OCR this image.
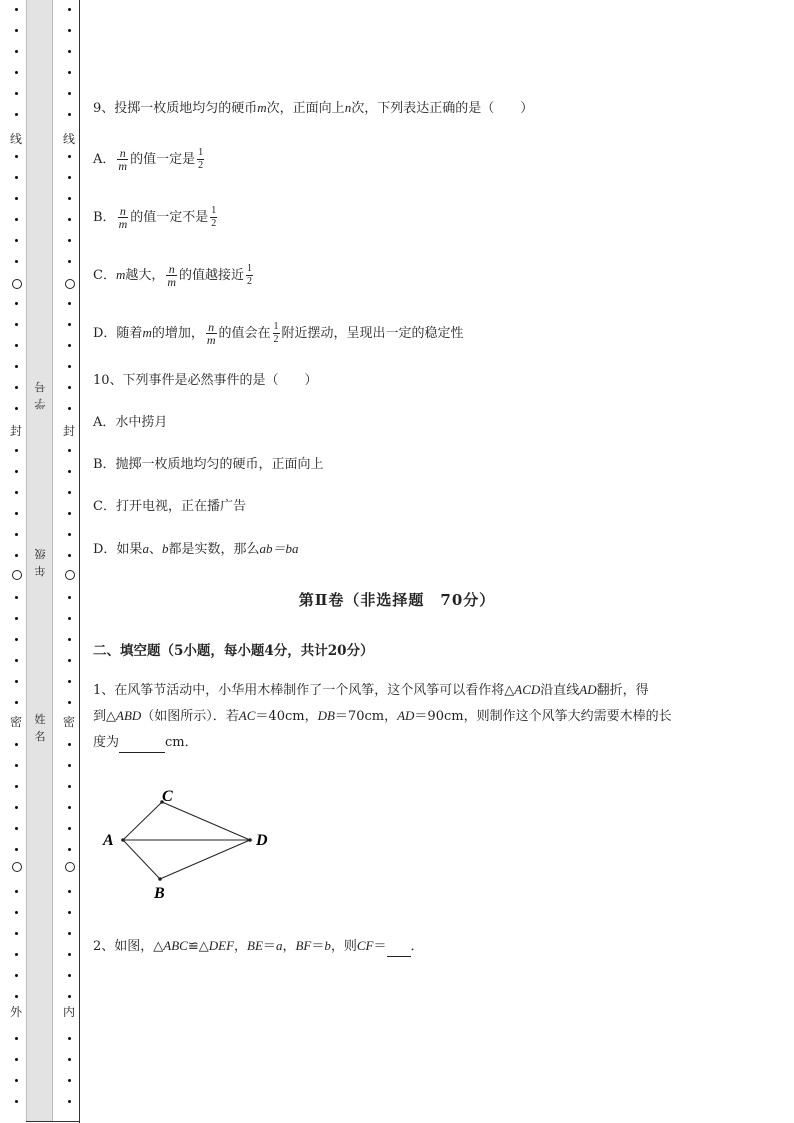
线
封
密
外
线
封
密
内
学号
年级
姓名
9、投掷一枚质地均匀的硬币m次，正面向上n次，下列表达正确的是（　　）
A． $\frac{n}{m}$ 的值一定是 $\frac{1}{2}$
B． $\frac{n}{m}$ 的值一定不是 $\frac{1}{2}$
C．m越大， $\frac{n}{m}$ 的值越接近 $\frac{1}{2}$
D．随着m的增加， $\frac{n}{m}$ 的值会在 $\frac{1}{2}$ 附近摆动，呈现出一定的稳定性
10、下列事件是必然事件的是（　　）
A．水中捞月
B．抛掷一枚质地均匀的硬币，正面向上
C．打开电视，正在播广告
D．如果a、b都是实数，那么ab＝ba
第Ⅱ卷（非选择题　70分）
二、填空题（5小题，每小题4分，共计20分）
1、在风筝节活动中，小华用木棒制作了一个风筝，这个风筝可以看作将△ACD沿直线AD翻折，得
到△ABD（如图所示）．若AC＝40cm，DB＝70cm，AD＝90cm，则制作这个风筝大约需要木棒的长
度为	cm．
C
A	D
B
2、如图，△ABC≌△DEF，BE＝a，BF＝b，则CF＝ ．
